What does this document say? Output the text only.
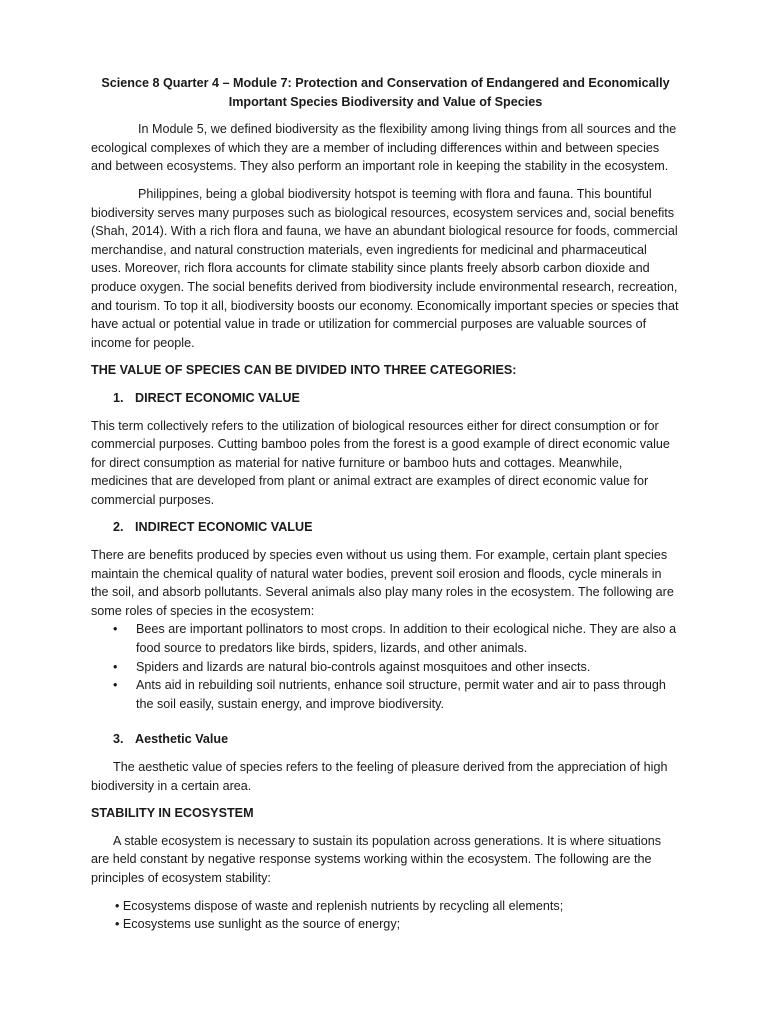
Science 8 Quarter 4 – Module 7: Protection and Conservation of Endangered and Economically
Important Species Biodiversity and Value of Species

In Module 5, we defined biodiversity as the flexibility among living things from all sources and the ecological complexes of which they are a member of including differences within and between species and between ecosystems. They also perform an important role in keeping the stability in the ecosystem.

Philippines, being a global biodiversity hotspot is teeming with flora and fauna. This bountiful biodiversity serves many purposes such as biological resources, ecosystem services and, social benefits (Shah, 2014). With a rich flora and fauna, we have an abundant biological resource for foods, commercial merchandise, and natural construction materials, even ingredients for medicinal and pharmaceutical uses. Moreover, rich flora accounts for climate stability since plants freely absorb carbon dioxide and produce oxygen. The social benefits derived from biodiversity include environmental research, recreation, and tourism. To top it all, biodiversity boosts our economy. Economically important species or species that have actual or potential value in trade or utilization for commercial purposes are valuable sources of income for people.

THE VALUE OF SPECIES CAN BE DIVIDED INTO THREE CATEGORIES:
1. DIRECT ECONOMIC VALUE

This term collectively refers to the utilization of biological resources either for direct consumption or for commercial purposes. Cutting bamboo poles from the forest is a good example of direct economic value for direct consumption as material for native furniture or bamboo huts and cottages. Meanwhile, medicines that are developed from plant or animal extract are examples of direct economic value for commercial purposes.

2. INDIRECT ECONOMIC VALUE

There are benefits produced by species even without us using them. For example, certain plant species maintain the chemical quality of natural water bodies, prevent soil erosion and floods, cycle minerals in the soil, and absorb pollutants. Several animals also play many roles in the ecosystem. The following are some roles of species in the ecosystem:

•	Bees are important pollinators to most crops. In addition to their ecological niche. They are also a food source to predators like birds, spiders, lizards, and other animals.
•	Spiders and lizards are natural bio-controls against mosquitoes and other insects.
•	Ants aid in rebuilding soil nutrients, enhance soil structure, permit water and air to pass through the soil easily, sustain energy, and improve biodiversity.
3. Aesthetic Value

The aesthetic value of species refers to the feeling of pleasure derived from the appreciation of high biodiversity in a certain area.

STABILITY IN ECOSYSTEM

A stable ecosystem is necessary to sustain its population across generations. It is where situations are held constant by negative response systems working within the ecosystem. The following are the principles of ecosystem stability:

• Ecosystems dispose of waste and replenish nutrients by recycling all elements;
• Ecosystems use sunlight as the source of energy;
